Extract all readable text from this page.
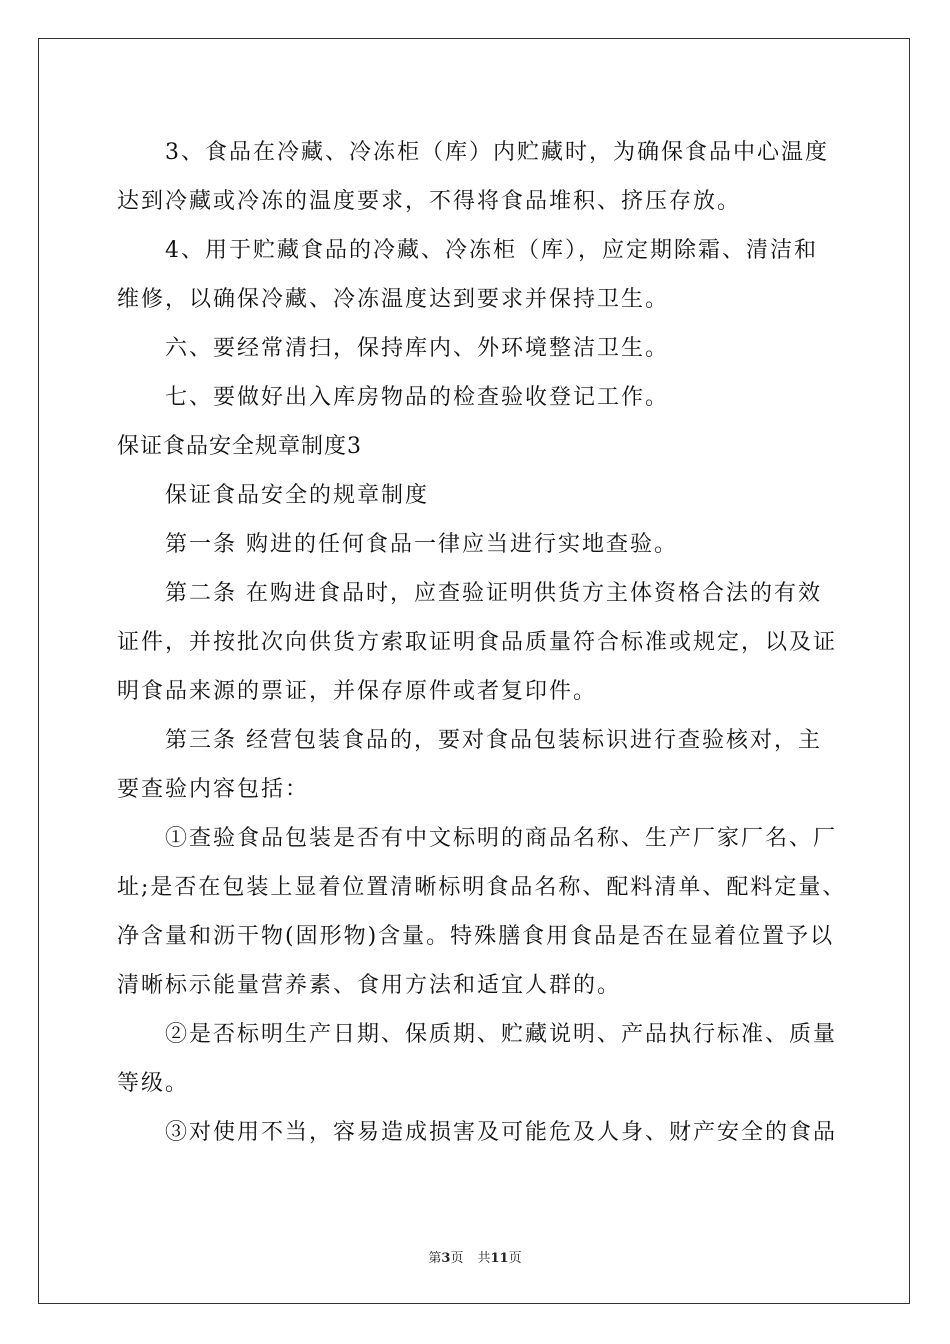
3、食品在冷藏、冷冻柜（库）内贮藏时，为确保食品中心温度

达到冷藏或冷冻的温度要求，不得将食品堆积、挤压存放。

4、用于贮藏食品的冷藏、冷冻柜（库），应定期除霜、清洁和

维修，以确保冷藏、冷冻温度达到要求并保持卫生。

六、要经常清扫，保持库内、外环境整洁卫生。

七、要做好出入库房物品的检查验收登记工作。

保证食品安全规章制度3

保证食品安全的规章制度

第一条 购进的任何食品一律应当进行实地查验。

第二条 在购进食品时，应查验证明供货方主体资格合法的有效

证件，并按批次向供货方索取证明食品质量符合标准或规定，以及证

明食品来源的票证，并保存原件或者复印件。

第三条 经营包装食品的，要对食品包装标识进行查验核对，主

要查验内容包括：

①查验食品包装是否有中文标明的商品名称、生产厂家厂名、厂

址;是否在包装上显着位置清晰标明食品名称、配料清单、配料定量、

净含量和沥干物(固形物)含量。特殊膳食用食品是否在显着位置予以

清晰标示能量营养素、食用方法和适宜人群的。

②是否标明生产日期、保质期、贮藏说明、产品执行标准、质量

等级。

③对使用不当，容易造成损害及可能危及人身、财产安全的食品

第3页 共11页
